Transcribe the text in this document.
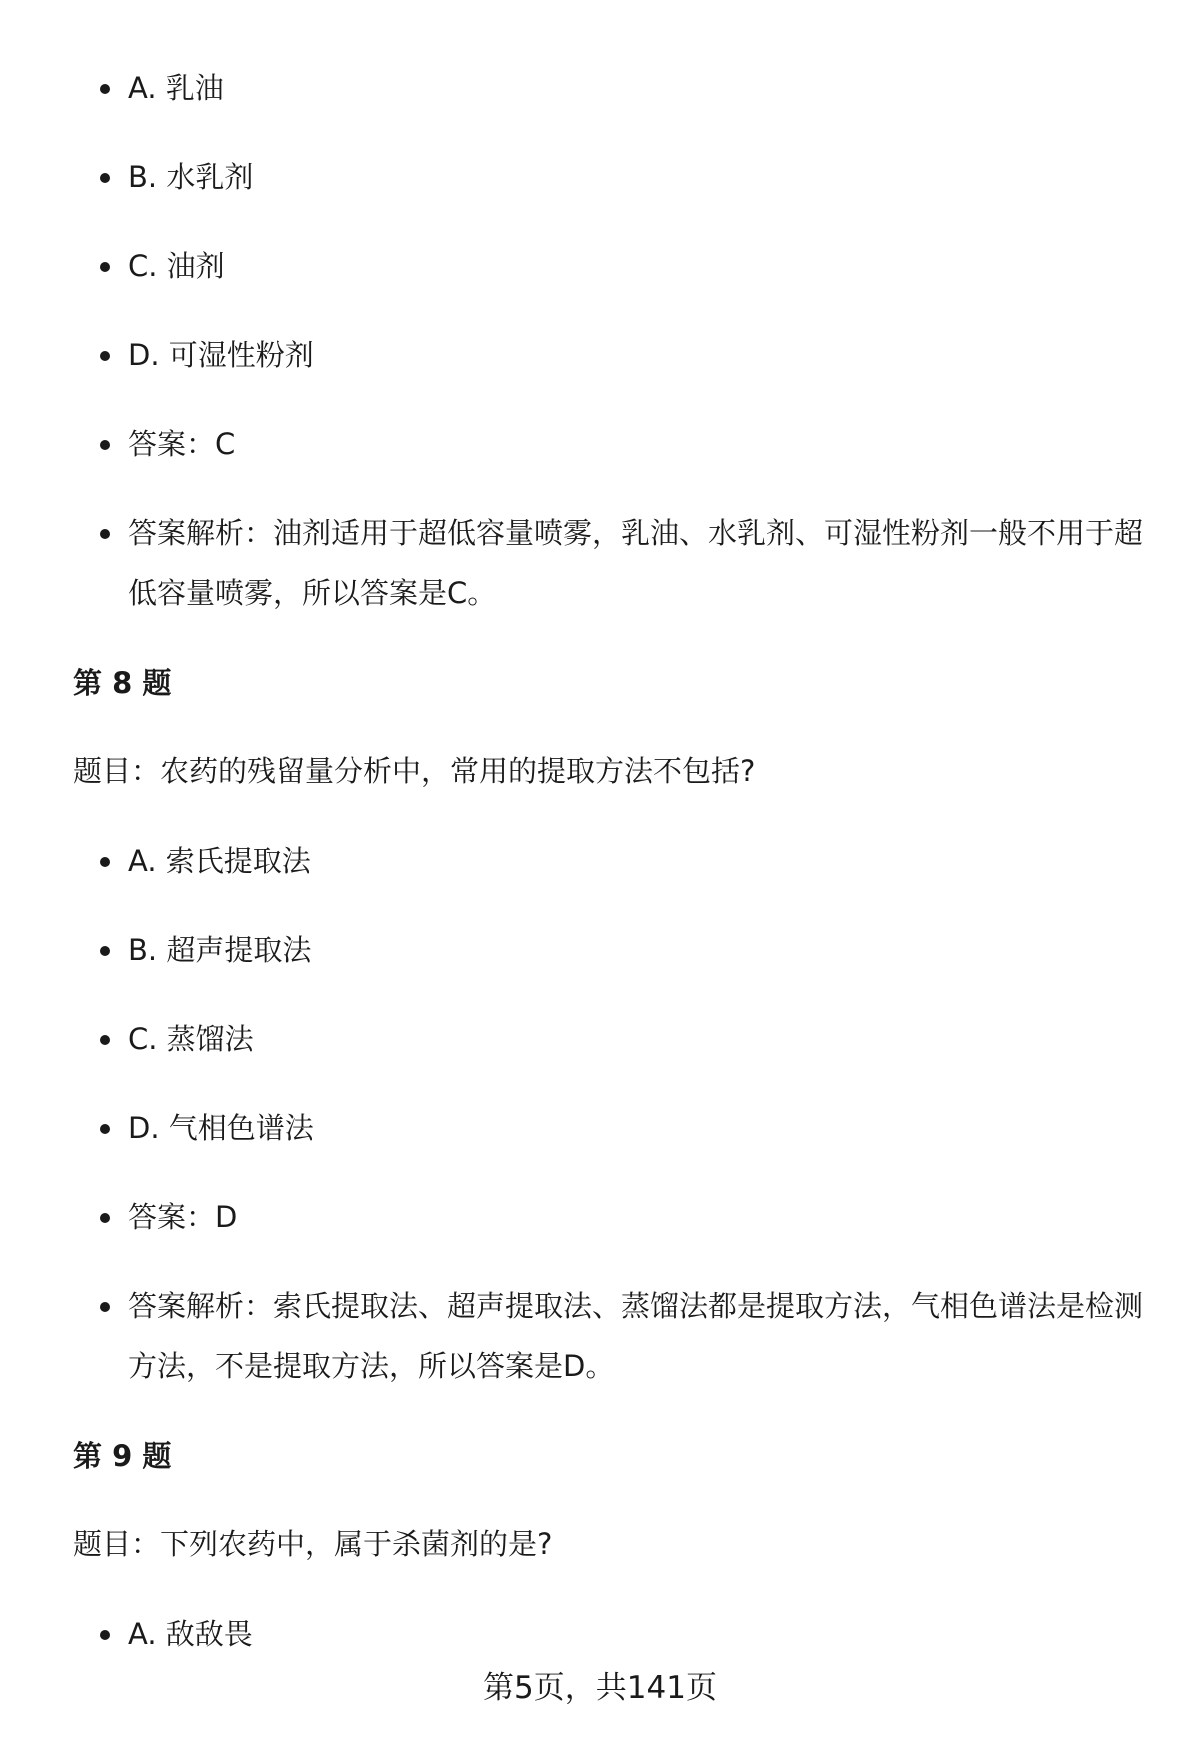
A. 乳油
B. 水乳剂
C. 油剂
D. 可湿性粉剂
答案：C
答案解析：油剂适用于超低容量喷雾，乳油、水乳剂、可湿性粉剂一般不用于超低容量喷雾，所以答案是C。
第 8 题
题目：农药的残留量分析中，常用的提取方法不包括?
A. 索氏提取法
B. 超声提取法
C. 蒸馏法
D. 气相色谱法
答案：D
答案解析：索氏提取法、超声提取法、蒸馏法都是提取方法，气相色谱法是检测方法，不是提取方法，所以答案是D。
第 9 题
题目：下列农药中，属于杀菌剂的是?
A. 敌敌畏
第5页，共141页
